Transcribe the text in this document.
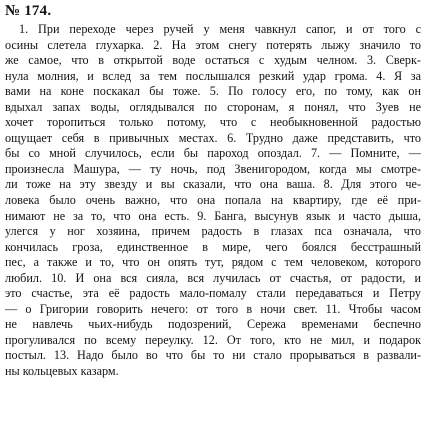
№ 174.
1. При переходе через ручей у меня чавкнул сапог, и от того с
осины слетела глухарка. 2. На этом снегу потерять лыжу значило то
же самое, что в открытой воде остаться с худым челном. 3. Сверк-
нула молния, и вслед за тем послышался резкий удар грома. 4. Я за
вами на коне поскакал бы тоже. 5. По голосу его, по тому, как он
вдыхал запах воды, оглядывался по сторонам, я понял, что Зуев не
хочет торопиться только потому, что с необыкновенной радостью
ощущает себя в привычных местах. 6. Трудно даже представить, что
бы со мной случилось, если бы пароход опоздал. 7. — Помните, —
произнесла Машура, — ту ночь, под Звенигородом, когда мы смотре-
ли тоже на эту звезду и вы сказали, что она ваша. 8. Для этого че-
ловека было очень важно, что она попала на квартиру, где её при-
нимают не за то, что она есть. 9. Банга, высунув язык и часто дыша,
улегся у ног хозяина, причем радость в глазах пса означала, что
кончилась гроза, единственное в мире, чего боялся бесстрашный
пес, а также и то, что он опять тут, рядом с тем человеком, которого
любил. 10. И она вся сияла, вся лучилась от счастья, от радости, и
это счастье, эта её радость мало-помалу стали передаваться и Петру
— о Григории говорить нечего: от того в ночи свет. 11. Чтобы часом
не навлечь чьих-нибудь подозрений, Сережа временами беспечно
прогуливался по всему переулку. 12. От того, кто не мил, и подарок
постыл. 13. Надо было во что бы то ни стало прорываться в развали-
ны кольцевых казарм.
